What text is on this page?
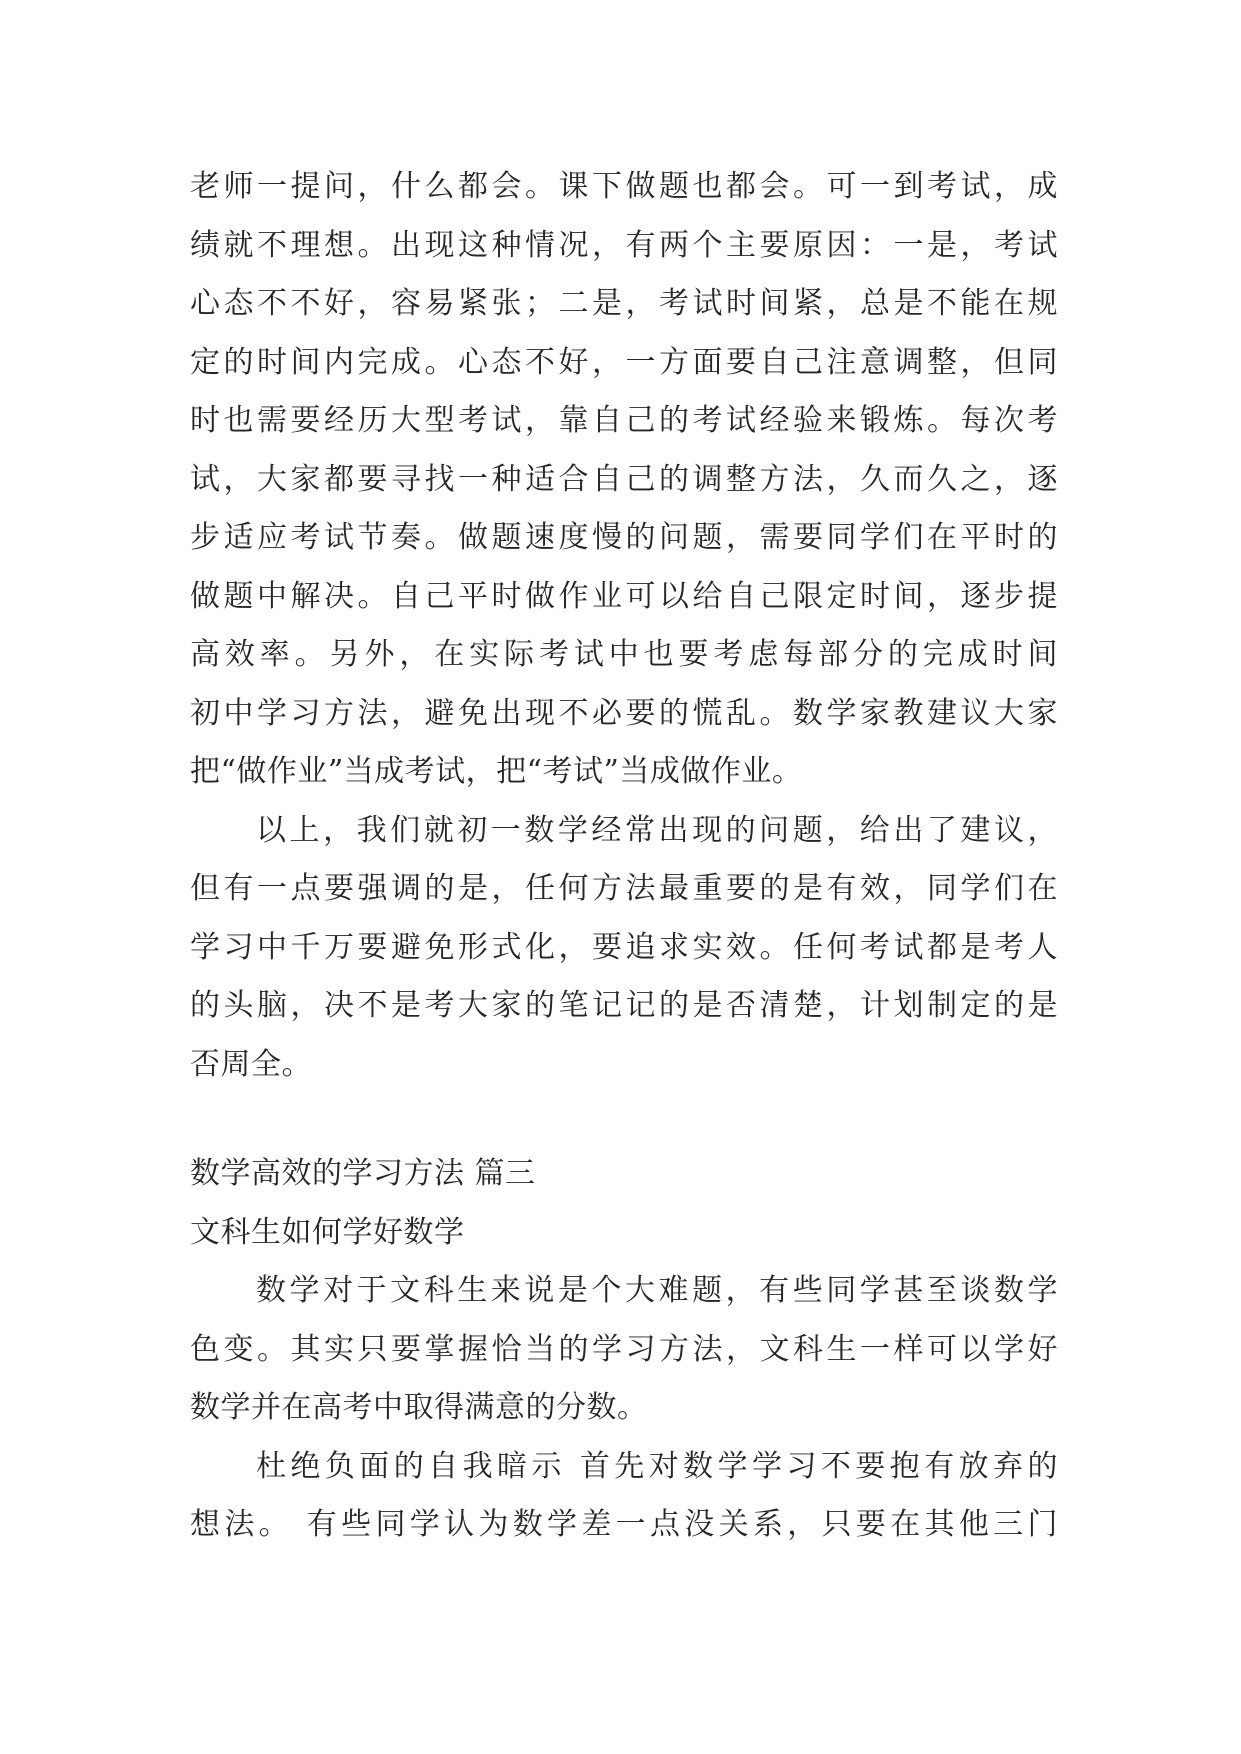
老师一提问，什么都会。课下做题也都会。可一到考试，成
绩就不理想。出现这种情况，有两个主要原因：一是，考试
心态不不好，容易紧张；二是，考试时间紧，总是不能在规
定的时间内完成。心态不好，一方面要自己注意调整，但同
时也需要经历大型考试，靠自己的考试经验来锻炼。每次考
试，大家都要寻找一种适合自己的调整方法，久而久之，逐
步适应考试节奏。做题速度慢的问题，需要同学们在平时的
做题中解决。自己平时做作业可以给自己限定时间，逐步提
高效率。另外，在实际考试中也要考虑每部分的完成时间
初中学习方法，避免出现不必要的慌乱。数学家教建议大家
把“做作业”当成考试，把“考试”当成做作业。
以上，我们就初一数学经常出现的问题，给出了建议，
但有一点要强调的是，任何方法最重要的是有效，同学们在
学习中千万要避免形式化，要追求实效。任何考试都是考人
的头脑，决不是考大家的笔记记的是否清楚，计划制定的是
否周全。
数学高效的学习方法 篇三
文科生如何学好数学
数学对于文科生来说是个大难题，有些同学甚至谈数学
色变。其实只要掌握恰当的学习方法，文科生一样可以学好
数学并在高考中取得满意的分数。
杜绝负面的自我暗示 首先对数学学习不要抱有放弃的
想法。 有些同学认为数学差一点没关系，只要在其他三门
